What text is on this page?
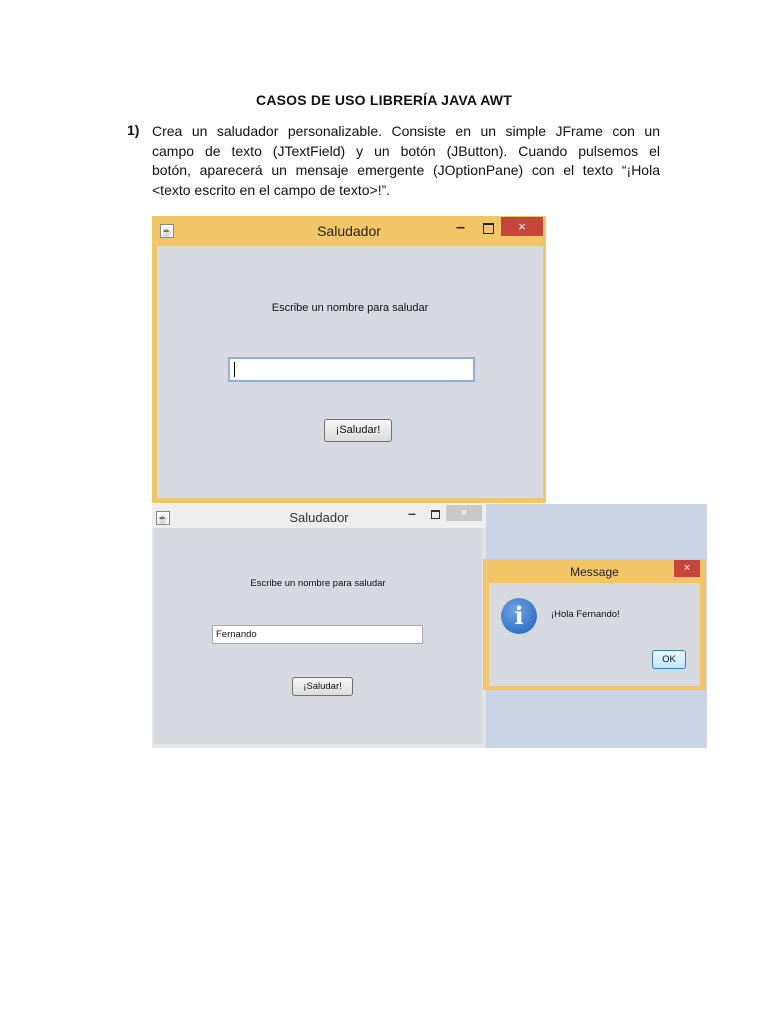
CASOS DE USO LIBRERÍA JAVA AWT
1) Crea un saludador personalizable. Consiste en un simple JFrame con un
campo de texto (JTextField) y un botón (JButton). Cuando pulsemos el
botón, aparecerá un mensaje emergente (JOptionPane) con el texto “¡Hola
<texto escrito en el campo de texto>!”.
☕	Saludador	–	×
Escribe un nombre para saludar
¡Saludar!
☕	Saludador	–	×
Escribe un nombre para saludar
Fernando
¡Saludar!
Message	×
i	¡Hola Fernando!
OK
